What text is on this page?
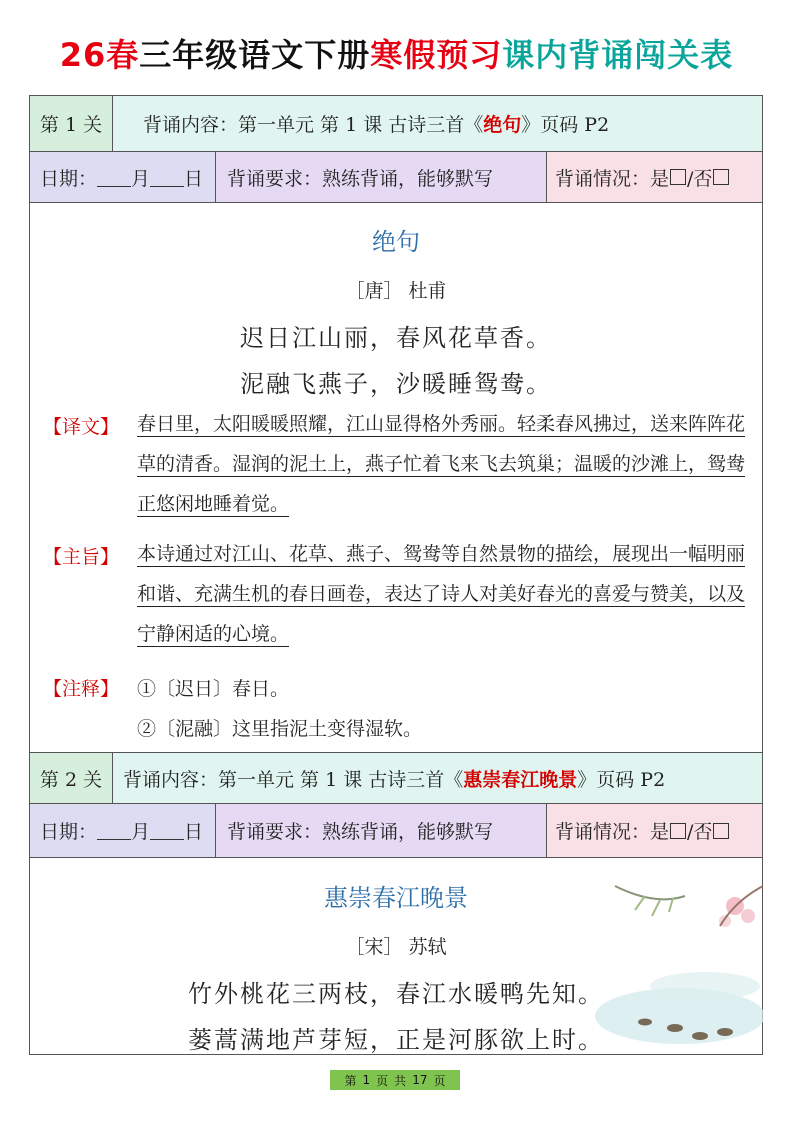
26春三年级语文下册寒假预习课内背诵闯关表
第 1 关	背诵内容：第一单元 第 1 课 古诗三首《 绝句 》页码 P2
日期： 月 日	背诵要求：熟练背诵，能够默写	背诵情况：是 /否
绝句
［唐］ 杜甫
迟日江山丽，春风花草香。
泥融飞燕子，沙暖睡鸳鸯。
【译文】 春日里，太阳暖暖照耀，江山显得格外秀丽。轻柔春风拂过，送来阵阵花草的清香。湿润的泥土上，燕子忙着飞来飞去筑巢；温暖的沙滩上，鸳鸯正悠闲地睡着觉。
【主旨】 本诗通过对江山、花草、燕子、鸳鸯等自然景物的描绘，展现出一幅明丽和谐、充满生机的春日画卷，表达了诗人对美好春光的喜爱与赞美，以及宁静闲适的心境。
【注释】 ①〔迟日〕春日。
②〔泥融〕这里指泥土变得湿软。
第 2 关	背诵内容：第一单元 第 1 课 古诗三首《 惠崇春江晚景 》页码 P2
日期： 月 日	背诵要求：熟练背诵，能够默写	背诵情况：是 /否
惠崇春江晚景
［宋］ 苏轼
竹外桃花三两枝，春江水暖鸭先知。
蒌蒿满地芦芽短，正是河豚欲上时。
第 1 页 共 17 页
